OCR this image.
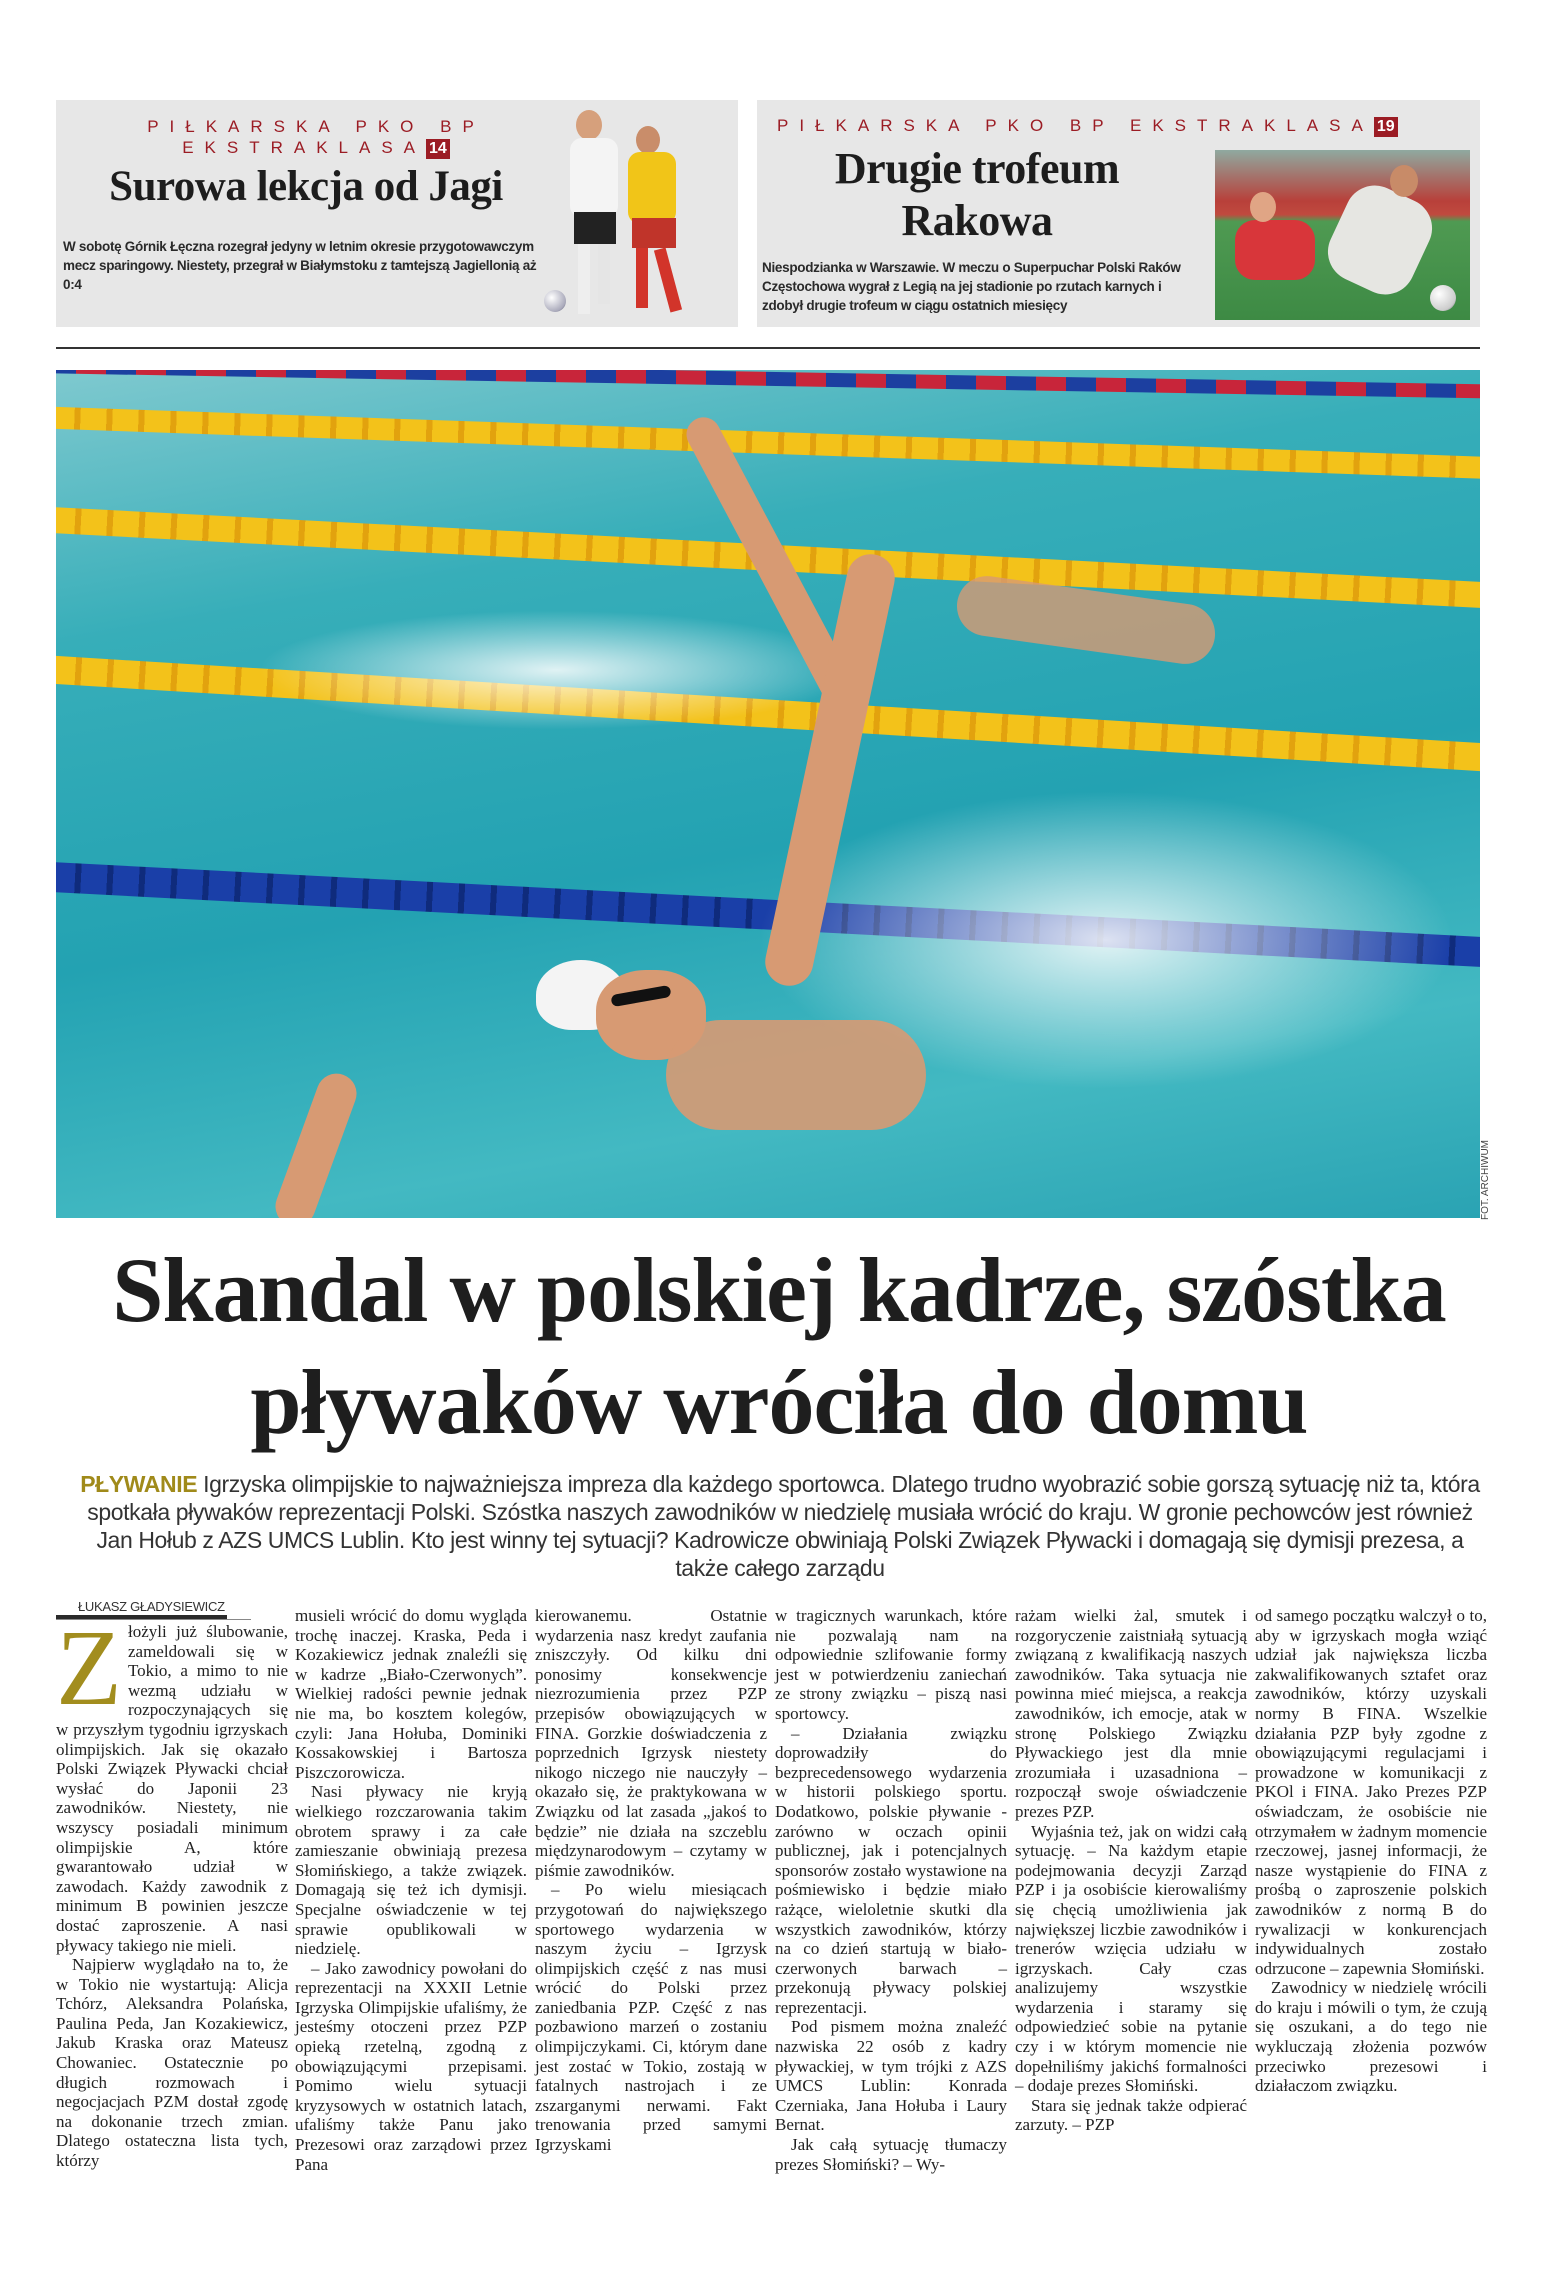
PIŁKARSKA PKO BP
EKSTRAKLASA 14
Surowa lekcja od Jagi
W sobotę Górnik Łęczna rozegrał jedyny w letnim okresie przygotowawczym mecz sparingowy. Niestety, przegrał w Białymstoku z tamtejszą Jagiellonią aż 0:4
PIŁKARSKA PKO BP EKSTRAKLASA 19
Drugie trofeum
Rakowa
Niespodzianka w Warszawie. W meczu o Superpuchar Polski Raków Częstochowa wygrał z Legią na jej stadionie po rzutach karnych i zdobył drugie trofeum w ciągu ostatnich miesięcy
FOT. ARCHIWUM
Skandal w polskiej kadrze, szóstka
pływaków wróciła do domu
PŁYWANIE Igrzyska olimpijskie to najważniejsza impreza dla każdego sportowca. Dlatego trudno wyobrazić sobie gorszą sytuację niż ta, która spotkała pływaków reprezentacji Polski. Szóstka naszych zawodników w niedzielę musiała wrócić do kraju. W gronie pechowców jest również Jan Hołub z AZS UMCS Lublin. Kto jest winny tej sytuacji? Kadrowicze obwiniają Polski Związek Pływacki i domagają się dymisji prezesa, a także całego zarządu
ŁUKASZ GŁADYSIEWICZ
Z łożyli już ślubowanie, zameldowali się w Tokio, a mimo to nie wezmą udziału w rozpoczynających się w przyszłym tygodniu igrzyskach olimpijskich. Jak się okazało Polski Związek Pływacki chciał wysłać do Japonii 23 zawodników. Niestety, nie wszyscy posiadali minimum olimpijskie A, które gwarantowało udział w zawodach. Każdy zawodnik z minimum B powinien jeszcze dostać zaproszenie. A nasi pływacy takiego nie mieli.

Najpierw wyglądało na to, że w Tokio nie wystartują: Alicja Tchórz, Aleksandra Polańska, Paulina Peda, Jan Kozakiewicz, Jakub Kraska oraz Mateusz Chowaniec. Ostatecznie po długich rozmowach i negocjacjach PZM dostał zgodę na dokonanie trzech zmian. Dlatego ostateczna lista tych, którzy

musieli wrócić do domu wygląda trochę inaczej. Kraska, Peda i Kozakiewicz jednak znaleźli się w kadrze „Biało-Czerwonych”. Wielkiej radości pewnie jednak nie ma, bo kosztem kolegów, czyli: Jana Hołuba, Dominiki Kossakowskiej i Bartosza Piszczorowicza.

Nasi pływacy nie kryją wielkiego rozczarowania takim obrotem sprawy i za całe zamieszanie obwiniają prezesa Słomińskiego, a także związek. Domagają się też ich dymisji. Specjalne oświadczenie w tej sprawie opublikowali w niedzielę.

– Jako zawodnicy powołani do reprezentacji na XXXII Letnie Igrzyska Olimpijskie ufaliśmy, że jesteśmy otoczeni przez PZP opieką rzetelną, zgodną z obowiązującymi przepisami. Pomimo wielu sytuacji kryzysowych w ostatnich latach, ufaliśmy także Panu jako Prezesowi oraz zarządowi przez Pana

kierowanemu. Ostatnie wydarzenia nasz kredyt zaufania zniszczyły. Od kilku dni ponosimy konsekwencje niezrozumienia przez PZP przepisów obowiązujących w FINA. Gorzkie doświadczenia z poprzednich Igrzysk niestety nikogo niczego nie nauczyły – okazało się, że praktykowana w Związku od lat zasada „jakoś to będzie” nie działa na szczeblu międzynarodowym – czytamy w piśmie zawodników.

– Po wielu miesiącach przygotowań do największego sportowego wydarzenia w naszym życiu – Igrzysk olimpijskich część z nas musi wrócić do Polski przez zaniedbania PZP. Część z nas pozbawiono marzeń o zostaniu olimpijczykami. Ci, którym dane jest zostać w Tokio, zostają w fatalnych nastrojach i ze zszarganymi nerwami. Fakt trenowania przed samymi Igrzyskami

w tragicznych warunkach, które nie pozwalają nam na odpowiednie szlifowanie formy jest w potwierdzeniu zaniechań ze strony związku – piszą nasi sportowcy.

– Działania związku doprowadziły do bezprecedensowego wydarzenia w historii polskiego sportu. Dodatkowo, polskie pływanie - zarówno w oczach opinii publicznej, jak i potencjalnych sponsorów zostało wystawione na pośmiewisko i będzie miało rażące, wieloletnie skutki dla wszystkich zawodników, którzy na co dzień startują w biało-czerwonych barwach – przekonują pływacy polskiej reprezentacji.

Pod pismem można znaleźć nazwiska 22 osób z kadry pływackiej, w tym trójki z AZS UMCS Lublin: Konrada Czerniaka, Jana Hołuba i Laury Bernat.

Jak całą sytuację tłumaczy prezes Słomiński? – Wy-

rażam wielki żal, smutek i rozgoryczenie zaistniałą sytuacją związaną z kwalifikacją naszych zawodników. Taka sytuacja nie powinna mieć miejsca, a reakcja zawodników, ich emocje, atak w stronę Polskiego Związku Pływackiego jest dla mnie zrozumiała i uzasadniona – rozpoczął swoje oświadczenie prezes PZP.

Wyjaśnia też, jak on widzi całą sytuację. – Na każdym etapie podejmowania decyzji Zarząd PZP i ja osobiście kierowaliśmy się chęcią umożliwienia jak największej liczbie zawodników i trenerów wzięcia udziału w igrzyskach. Cały czas analizujemy wszystkie wydarzenia i staramy się odpowiedzieć sobie na pytanie czy i w którym momencie nie dopełniliśmy jakichś formalności – dodaje prezes Słomiński.

Stara się jednak także odpierać zarzuty. – PZP

od samego początku walczył o to, aby w igrzyskach mogła wziąć udział jak największa liczba zakwalifikowanych sztafet oraz zawodników, którzy uzyskali normy B FINA. Wszelkie działania PZP były zgodne z obowiązującymi regulacjami i prowadzone w komunikacji z PKOl i FINA. Jako Prezes PZP oświadczam, że osobiście nie otrzymałem w żadnym momencie rzeczowej, jasnej informacji, że nasze wystąpienie do FINA z prośbą o zaproszenie polskich zawodników z normą B do rywalizacji w konkurencjach indywidualnych zostało odrzucone – zapewnia Słomiński.

Zawodnicy w niedzielę wrócili do kraju i mówili o tym, że czują się oszukani, a do tego nie wykluczają złożenia pozwów przeciwko prezesowi i działaczom związku.
